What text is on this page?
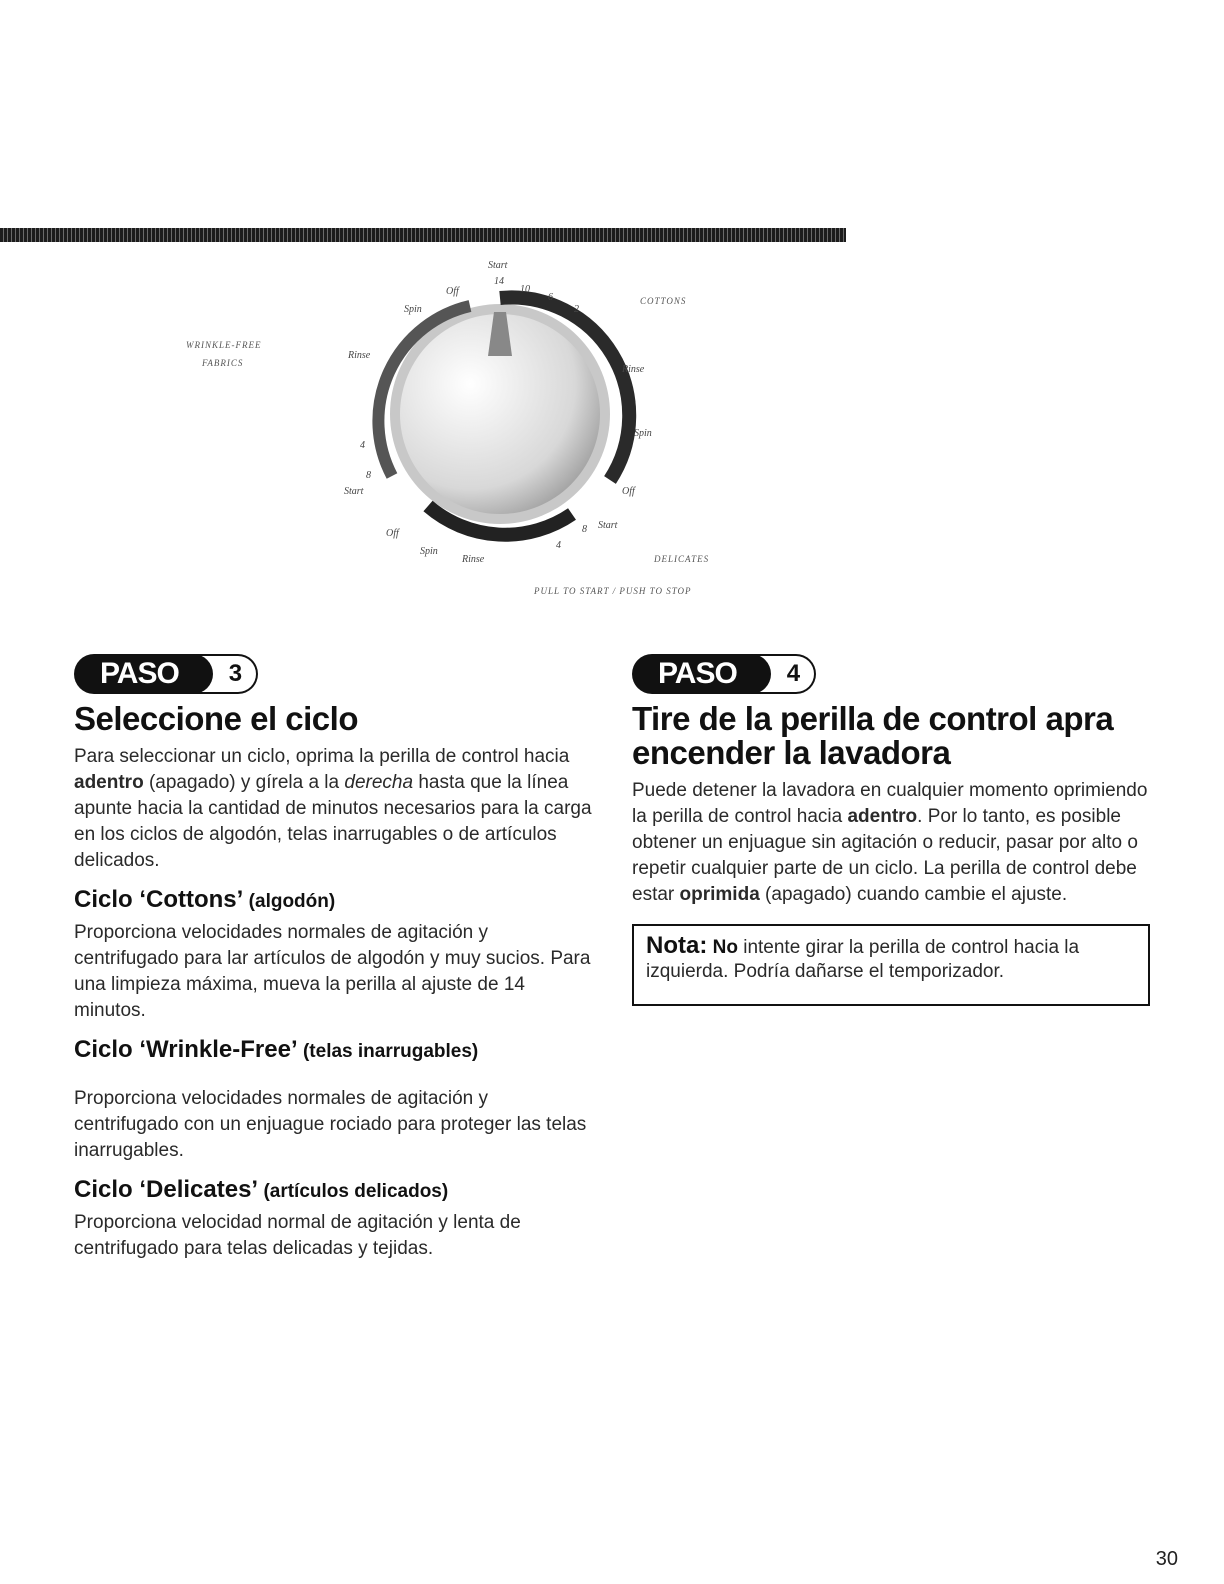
Start
14
10
6
2
COTTONS
Off
Spin
WRINKLE-FREE
FABRICS
Rinse
Rinse
Spin
Off
4
8
Start
Off
Spin
Rinse
4
8 Start
DELICATES
PULL TO START / PUSH TO STOP
PASO	3
Seleccione el ciclo

Para seleccionar un ciclo, oprima la perilla de control hacia adentro (apagado) y gírela a la derecha hasta que la línea apunte hacia la cantidad de minutos necesarios para la carga en los ciclos de algodón, telas inarrugables o de artículos delicados.

Ciclo ‘Cottons’ (algodón)

Proporciona velocidades normales de agitación y centrifugado para lar artículos de algodón y muy sucios. Para una limpieza máxima, mueva la perilla al ajuste de 14 minutos.

Ciclo ‘Wrinkle-Free’ (telas inarrugables)

Proporciona velocidades normales de agitación y centrifugado con un enjuague rociado para proteger las telas inarrugables.

Ciclo ‘Delicates’ (artículos delicados)

Proporciona velocidad normal de agitación y lenta de centrifugado para telas delicadas y tejidas.

PASO	4
Tire de la perilla de control apra encender la lavadora

Puede detener la lavadora en cualquier momento oprimiendo la perilla de control hacia adentro. Por lo tanto, es posible obtener un enjuague sin agitación o reducir, pasar por alto o repetir cualquier parte de un ciclo. La perilla de control debe estar oprimida (apagado) cuando cambie el ajuste.

Nota: No intente girar la perilla de control hacia la izquierda. Podría dañarse el temporizador.
30
